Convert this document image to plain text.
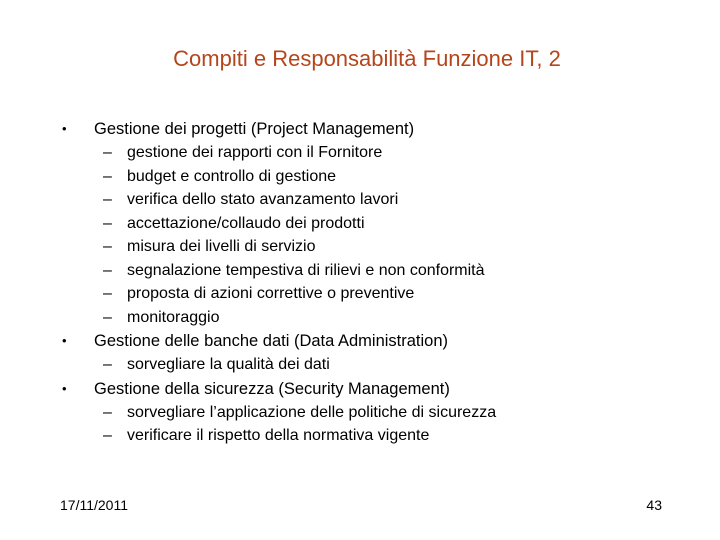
Compiti e Responsabilità Funzione IT, 2
• Gestione dei progetti (Project Management)
– gestione dei rapporti con il Fornitore
– budget e controllo di gestione
– verifica dello stato avanzamento lavori
– accettazione/collaudo dei prodotti
– misura dei livelli di servizio
– segnalazione tempestiva di rilievi e non conformità
– proposta di azioni correttive o preventive
– monitoraggio
• Gestione delle banche dati (Data Administration)
– sorvegliare la qualità dei dati
• Gestione della sicurezza (Security Management)
– sorvegliare l’applicazione delle politiche di sicurezza
– verificare il rispetto della normativa vigente
17/11/2011	43
